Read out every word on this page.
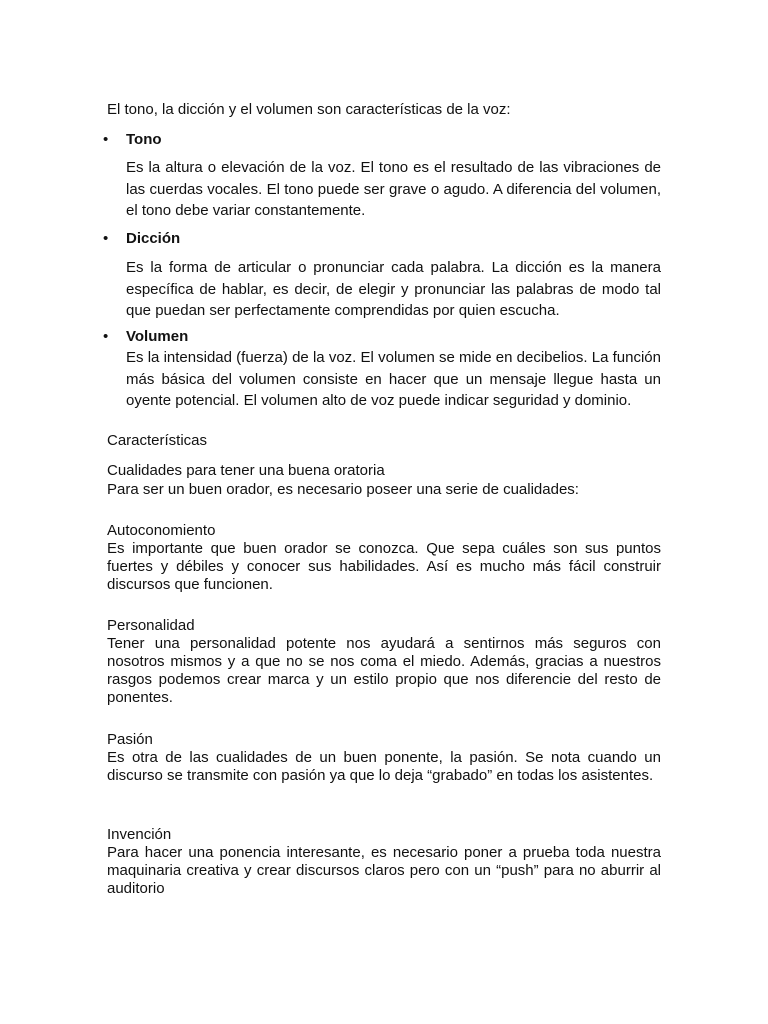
El tono, la dicción y el volumen son características de la voz:
• Tono
Es la altura o elevación de la voz. El tono es el resultado de las vibraciones de las cuerdas vocales. El tono puede ser grave o agudo. A diferencia del volumen, el tono debe variar constantemente.
• Dicción
Es la forma de articular o pronunciar cada palabra. La dicción es la manera específica de hablar, es decir, de elegir y pronunciar las palabras de modo tal que puedan ser perfectamente comprendidas por quien escucha.
• Volumen
Es la intensidad (fuerza) de la voz. El volumen se mide en decibelios. La función más básica del volumen consiste en hacer que un mensaje llegue hasta un oyente potencial. El volumen alto de voz puede indicar seguridad y dominio.
Características
Cualidades para tener una buena oratoria
Para ser un buen orador, es necesario poseer una serie de cualidades:
Autoconomiento
Es importante que buen orador se conozca. Que sepa cuáles son sus puntos fuertes y débiles y conocer sus habilidades. Así es mucho más fácil construir discursos que funcionen.
Personalidad
Tener una personalidad potente nos ayudará a sentirnos más seguros con nosotros mismos y a que no se nos coma el miedo. Además, gracias a nuestros rasgos podemos crear marca y un estilo propio que nos diferencie del resto de ponentes.
Pasión
Es otra de las cualidades de un buen ponente, la pasión. Se nota cuando un discurso se transmite con pasión ya que lo deja “grabado” en todas los asistentes.
Invención
Para hacer una ponencia interesante, es necesario poner a prueba toda nuestra maquinaria creativa y crear discursos claros pero con un “push” para no aburrir al auditorio
